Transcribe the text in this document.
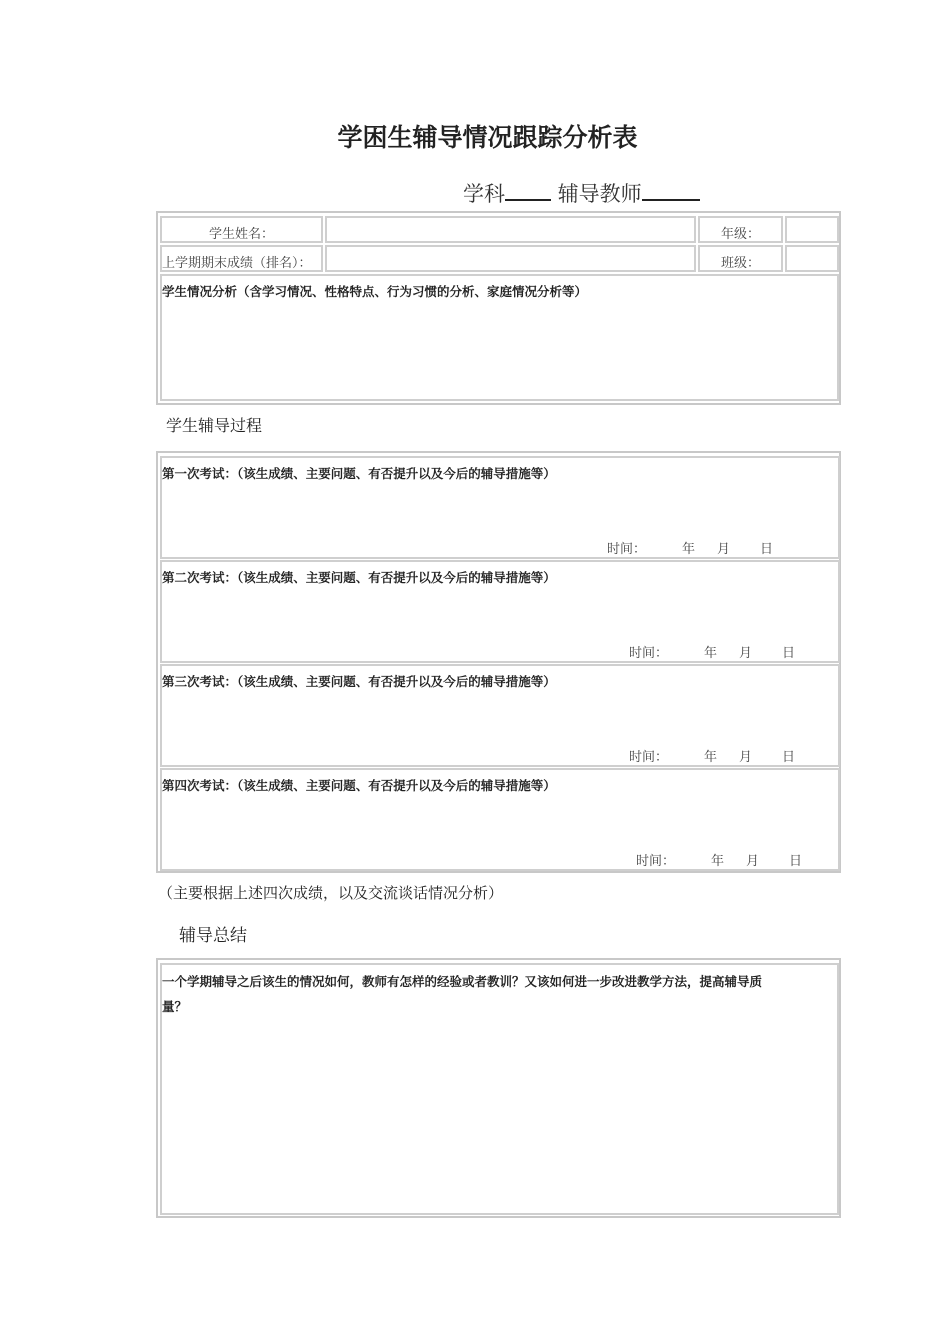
学困生辅导情况跟踪分析表
学科	辅导教师
学生姓名：	年级：
上学期期末成绩（排名）：	班级：
学生情况分析（含学习情况、性格特点、行为习惯的分析、家庭情况分析等）
学生辅导过程
第一次考试：（该生成绩、主要问题、有否提升以及今后的辅导措施等）
时间：	年 月 日
第二次考试：（该生成绩、主要问题、有否提升以及今后的辅导措施等）
时间：	年 月 日
第三次考试：（该生成绩、主要问题、有否提升以及今后的辅导措施等）
时间：	年 月 日
第四次考试：（该生成绩、主要问题、有否提升以及今后的辅导措施等）
时间：	年 月 日
（主要根据上述四次成绩，以及交流谈话情况分析）
辅导总结
一个学期辅导之后该生的情况如何，教师有怎样的经验或者教训？又该如何进一步改进教学方法，提高辅导质
量？
